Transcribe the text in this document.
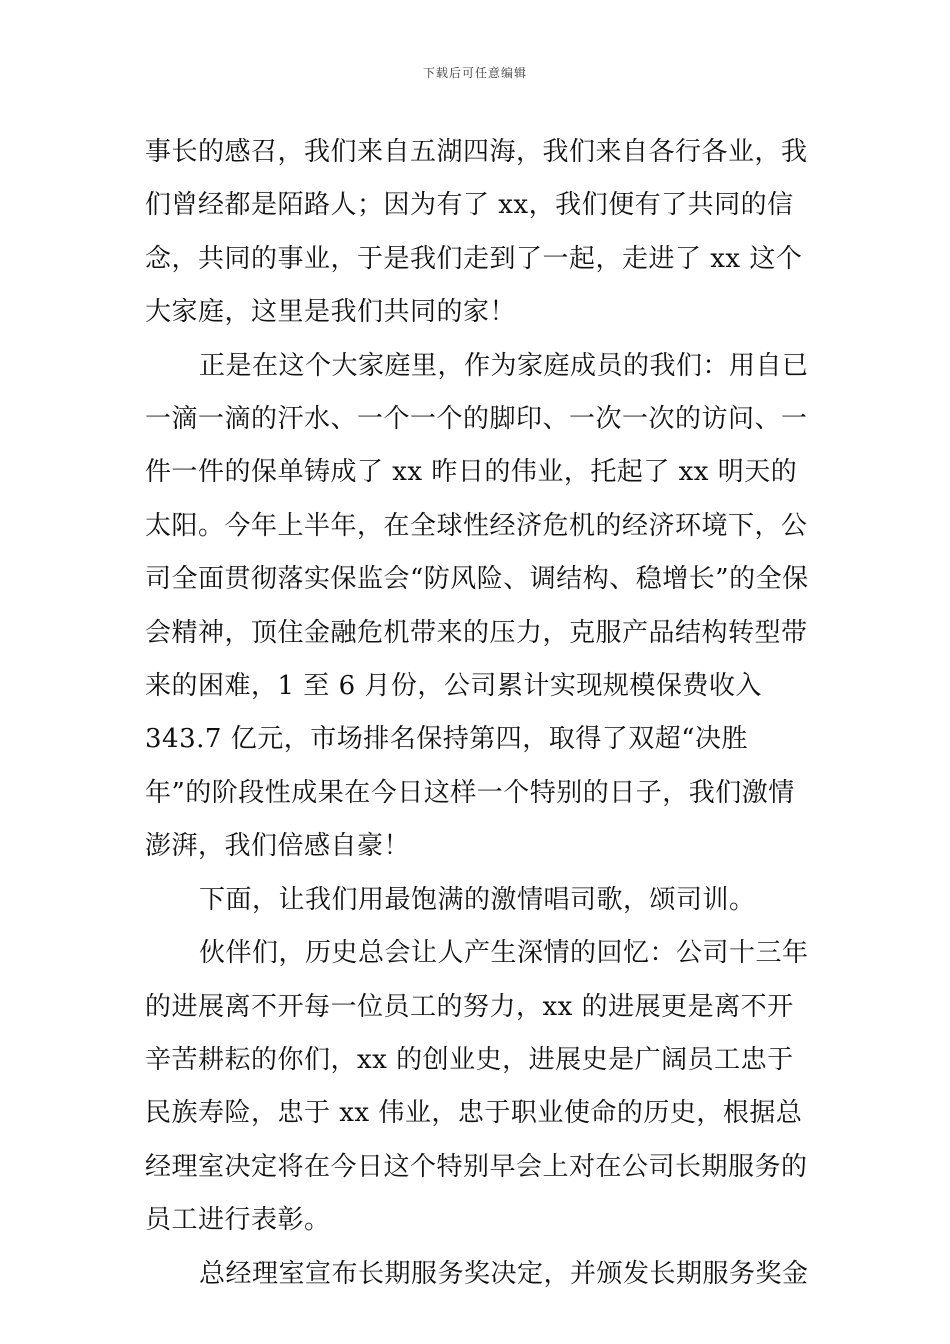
下载后可任意编辑

事长的感召，我们来自五湖四海，我们来自各行各业，我们曾经都是陌路人；因为有了 xx，我们便有了共同的信念，共同的事业，于是我们走到了一起，走进了 xx 这个大家庭，这里是我们共同的家！

正是在这个大家庭里，作为家庭成员的我们：用自已一滴一滴的汗水、一个一个的脚印、一次一次的访问、一件一件的保单铸成了 xx 昨日的伟业，托起了 xx 明天的太阳。今年上半年，在全球性经济危机的经济环境下，公司全面贯彻落实保监会“防风险、调结构、稳增长”的全保会精神，顶住金融危机带来的压力，克服产品结构转型带来的困难，1 至 6 月份，公司累计实现规模保费收入 343.7 亿元，市场排名保持第四，取得了双超“决胜年”的阶段性成果在今日这样一个特别的日子，我们激情澎湃，我们倍感自豪！

下面，让我们用最饱满的激情唱司歌，颂司训。

伙伴们，历史总会让人产生深情的回忆：公司十三年的进展离不开每一位员工的努力，xx 的进展更是离不开辛苦耕耘的你们，xx 的创业史，进展史是广阔员工忠于民族寿险，忠于 xx 伟业，忠于职业使命的历史，根据总经理室决定将在今日这个特别早会上对在公司长期服务的员工进行表彰。

总经理室宣布长期服务奖决定，并颁发长期服务奖金
